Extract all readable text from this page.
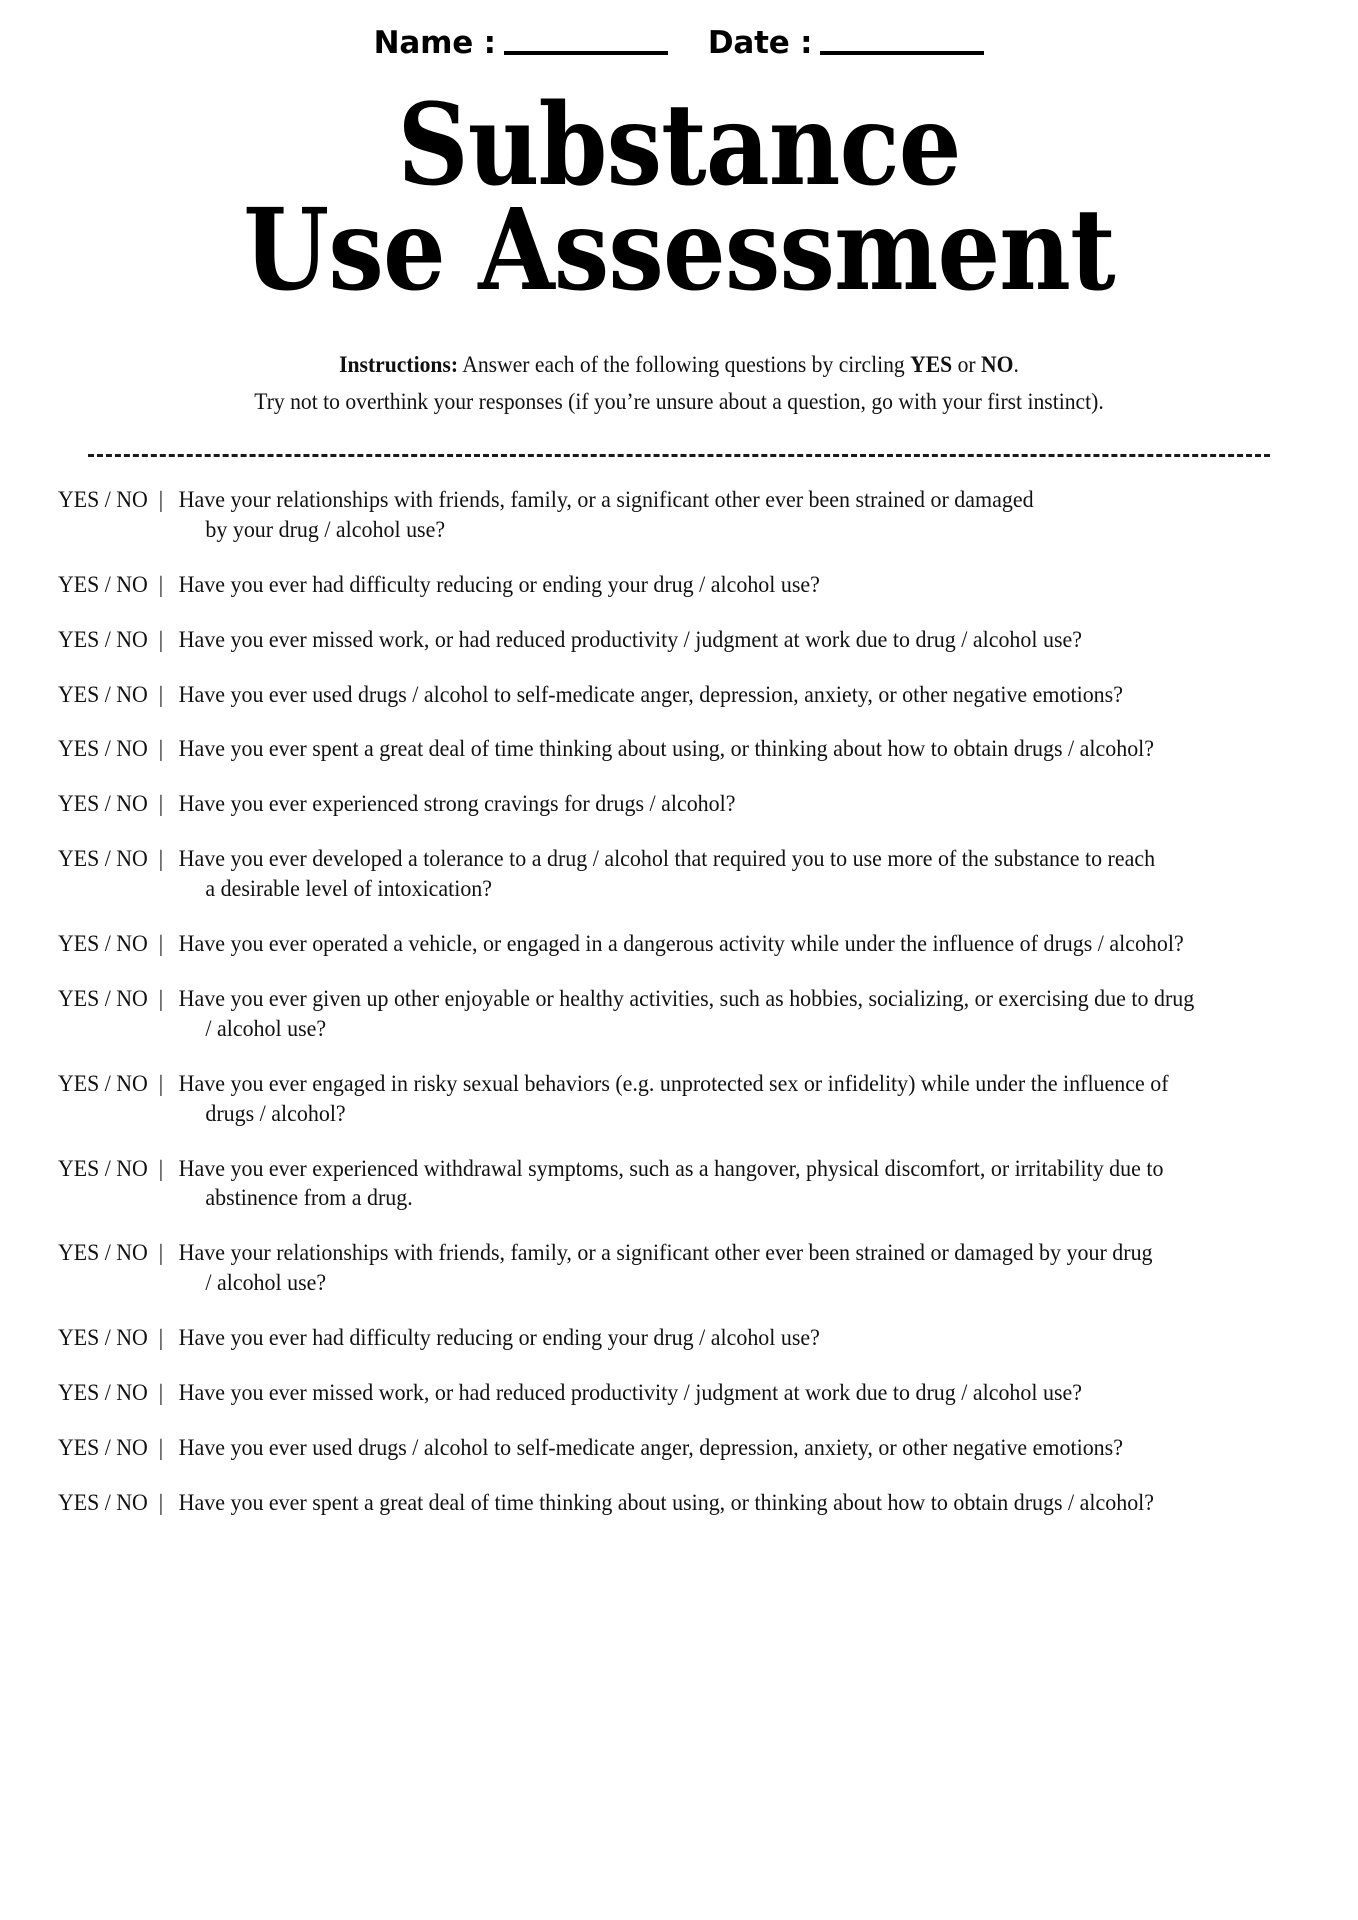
Name :	Date :
Substance
Use Assessment
Instructions: Answer each of the following questions by circling YES or NO.
Try not to overthink your responses (if you’re unsure about a question, go with your first instinct).
YES / NO  | Have your relationships with friends, family, or a significant other ever been strained or damaged
by your drug / alcohol use?
YES / NO  | Have you ever had difficulty reducing or ending your drug / alcohol use?
YES / NO  | Have you ever missed work, or had reduced productivity / judgment at work due to drug / alcohol use?
YES / NO  | Have you ever used drugs / alcohol to self-medicate anger, depression, anxiety, or other negative emotions?
YES / NO  | Have you ever spent a great deal of time thinking about using, or thinking about how to obtain drugs / alcohol?
YES / NO  | Have you ever experienced strong cravings for drugs / alcohol?
YES / NO  | Have you ever developed a tolerance to a drug / alcohol that required you to use more of the substance to reach
a desirable level of intoxication?
YES / NO  | Have you ever operated a vehicle, or engaged in a dangerous activity while under the influence of drugs / alcohol?
YES / NO  | Have you ever given up other enjoyable or healthy activities, such as hobbies, socializing, or exercising due to drug
/ alcohol use?
YES / NO  | Have you ever engaged in risky sexual behaviors (e.g. unprotected sex or infidelity) while under the influence of
drugs / alcohol?
YES / NO  | Have you ever experienced withdrawal symptoms, such as a hangover, physical discomfort, or irritability due to
abstinence from a drug.
YES / NO  | Have your relationships with friends, family, or a significant other ever been strained or damaged by your drug
/ alcohol use?
YES / NO  | Have you ever had difficulty reducing or ending your drug / alcohol use?
YES / NO  | Have you ever missed work, or had reduced productivity / judgment at work due to drug / alcohol use?
YES / NO  | Have you ever used drugs / alcohol to self-medicate anger, depression, anxiety, or other negative emotions?
YES / NO  | Have you ever spent a great deal of time thinking about using, or thinking about how to obtain drugs / alcohol?
